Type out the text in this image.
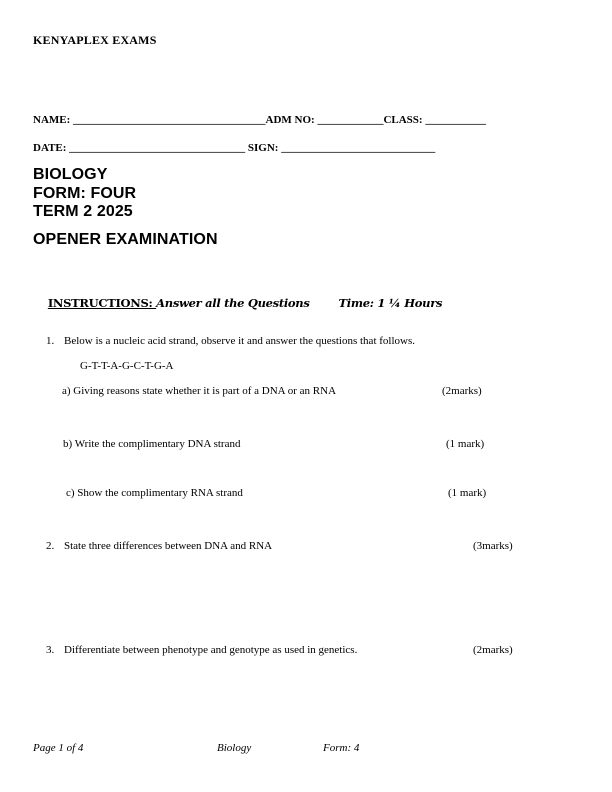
KENYAPLEX EXAMS
NAME: ___________________________________ADM NO: ____________CLASS: ___________
DATE: ________________________________ SIGN: ____________________________
BIOLOGY
FORM: FOUR
TERM 2 2025
OPENER EXAMINATION

INSTRUCTIONS: Answer all the Questions	Time: 1 ¼ Hours

1. Below is a nucleic acid strand, observe it and answer the questions that follows.
G-T-T-A-G-C-T-G-A
a) Giving reasons state whether it is part of a DNA or an RNA	(2marks)
b) Write the complimentary DNA strand	(1 mark)
c) Show the complimentary RNA strand	(1 mark)
2. State three differences between DNA and RNA	(3marks)
3. Differentiate between phenotype and genotype as used in genetics.	(2marks)
Page 1 of 4	Biology	Form: 4
